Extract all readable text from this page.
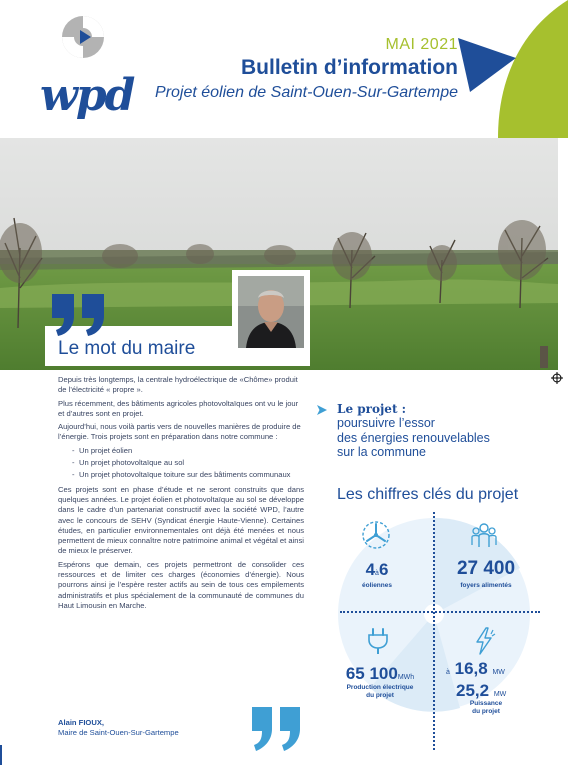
wpd
MAI 2021
Bulletin d’information
Projet éolien de Saint-Ouen-Sur-Gartempe
Le mot du maire

Depuis très longtemps, la centrale hydroélectrique de «Chôme» produit de l’électricité « propre ».

Plus récemment, des bâtiments agricoles photovoltaïques ont vu le jour et d’autres sont en projet.

Aujourd’hui, nous voilà partis vers de nouvelles manières de produire de l’énergie. Trois projets sont en préparation dans notre commune :

- Un projet éolien
- Un projet photovoltaïque au sol
- Un projet photovoltaïque toiture sur des bâtiments communaux

Ces projets sont en phase d’étude et ne seront construits que dans quelques années. Le projet éolien et photovoltaïque au sol se développe dans le cadre d’un partenariat constructif avec la société WPD, l’autre avec le concours de SEHV (Syndicat énergie Haute-Vienne). Certaines études, en particulier environnementales ont déjà été menées et nous permettent de mieux connaître notre patrimoine animal et végétal et ainsi de mieux le préserver.

Espérons que demain, ces projets permettront de consolider ces ressources et de limiter ces charges (économies d’énergie). Nous pourrons ainsi je l’espère rester actifs au sein de tous ces empilements administratifs et plus spécialement de la communauté de communes du Haut Limousin en Marche.

Alain FIOUX,
Maire de Saint-Ouen-Sur-Gartempe
Le projet :
poursuivre l’essor
des énergies renouvelables
sur la commune
Les chiffres clés du projet
4à6
éoliennes
27 400
foyers alimentés
65 100MWh
Production électrique
du projet
à 16,8 MW
25,2 MW
Puissance
du projet
